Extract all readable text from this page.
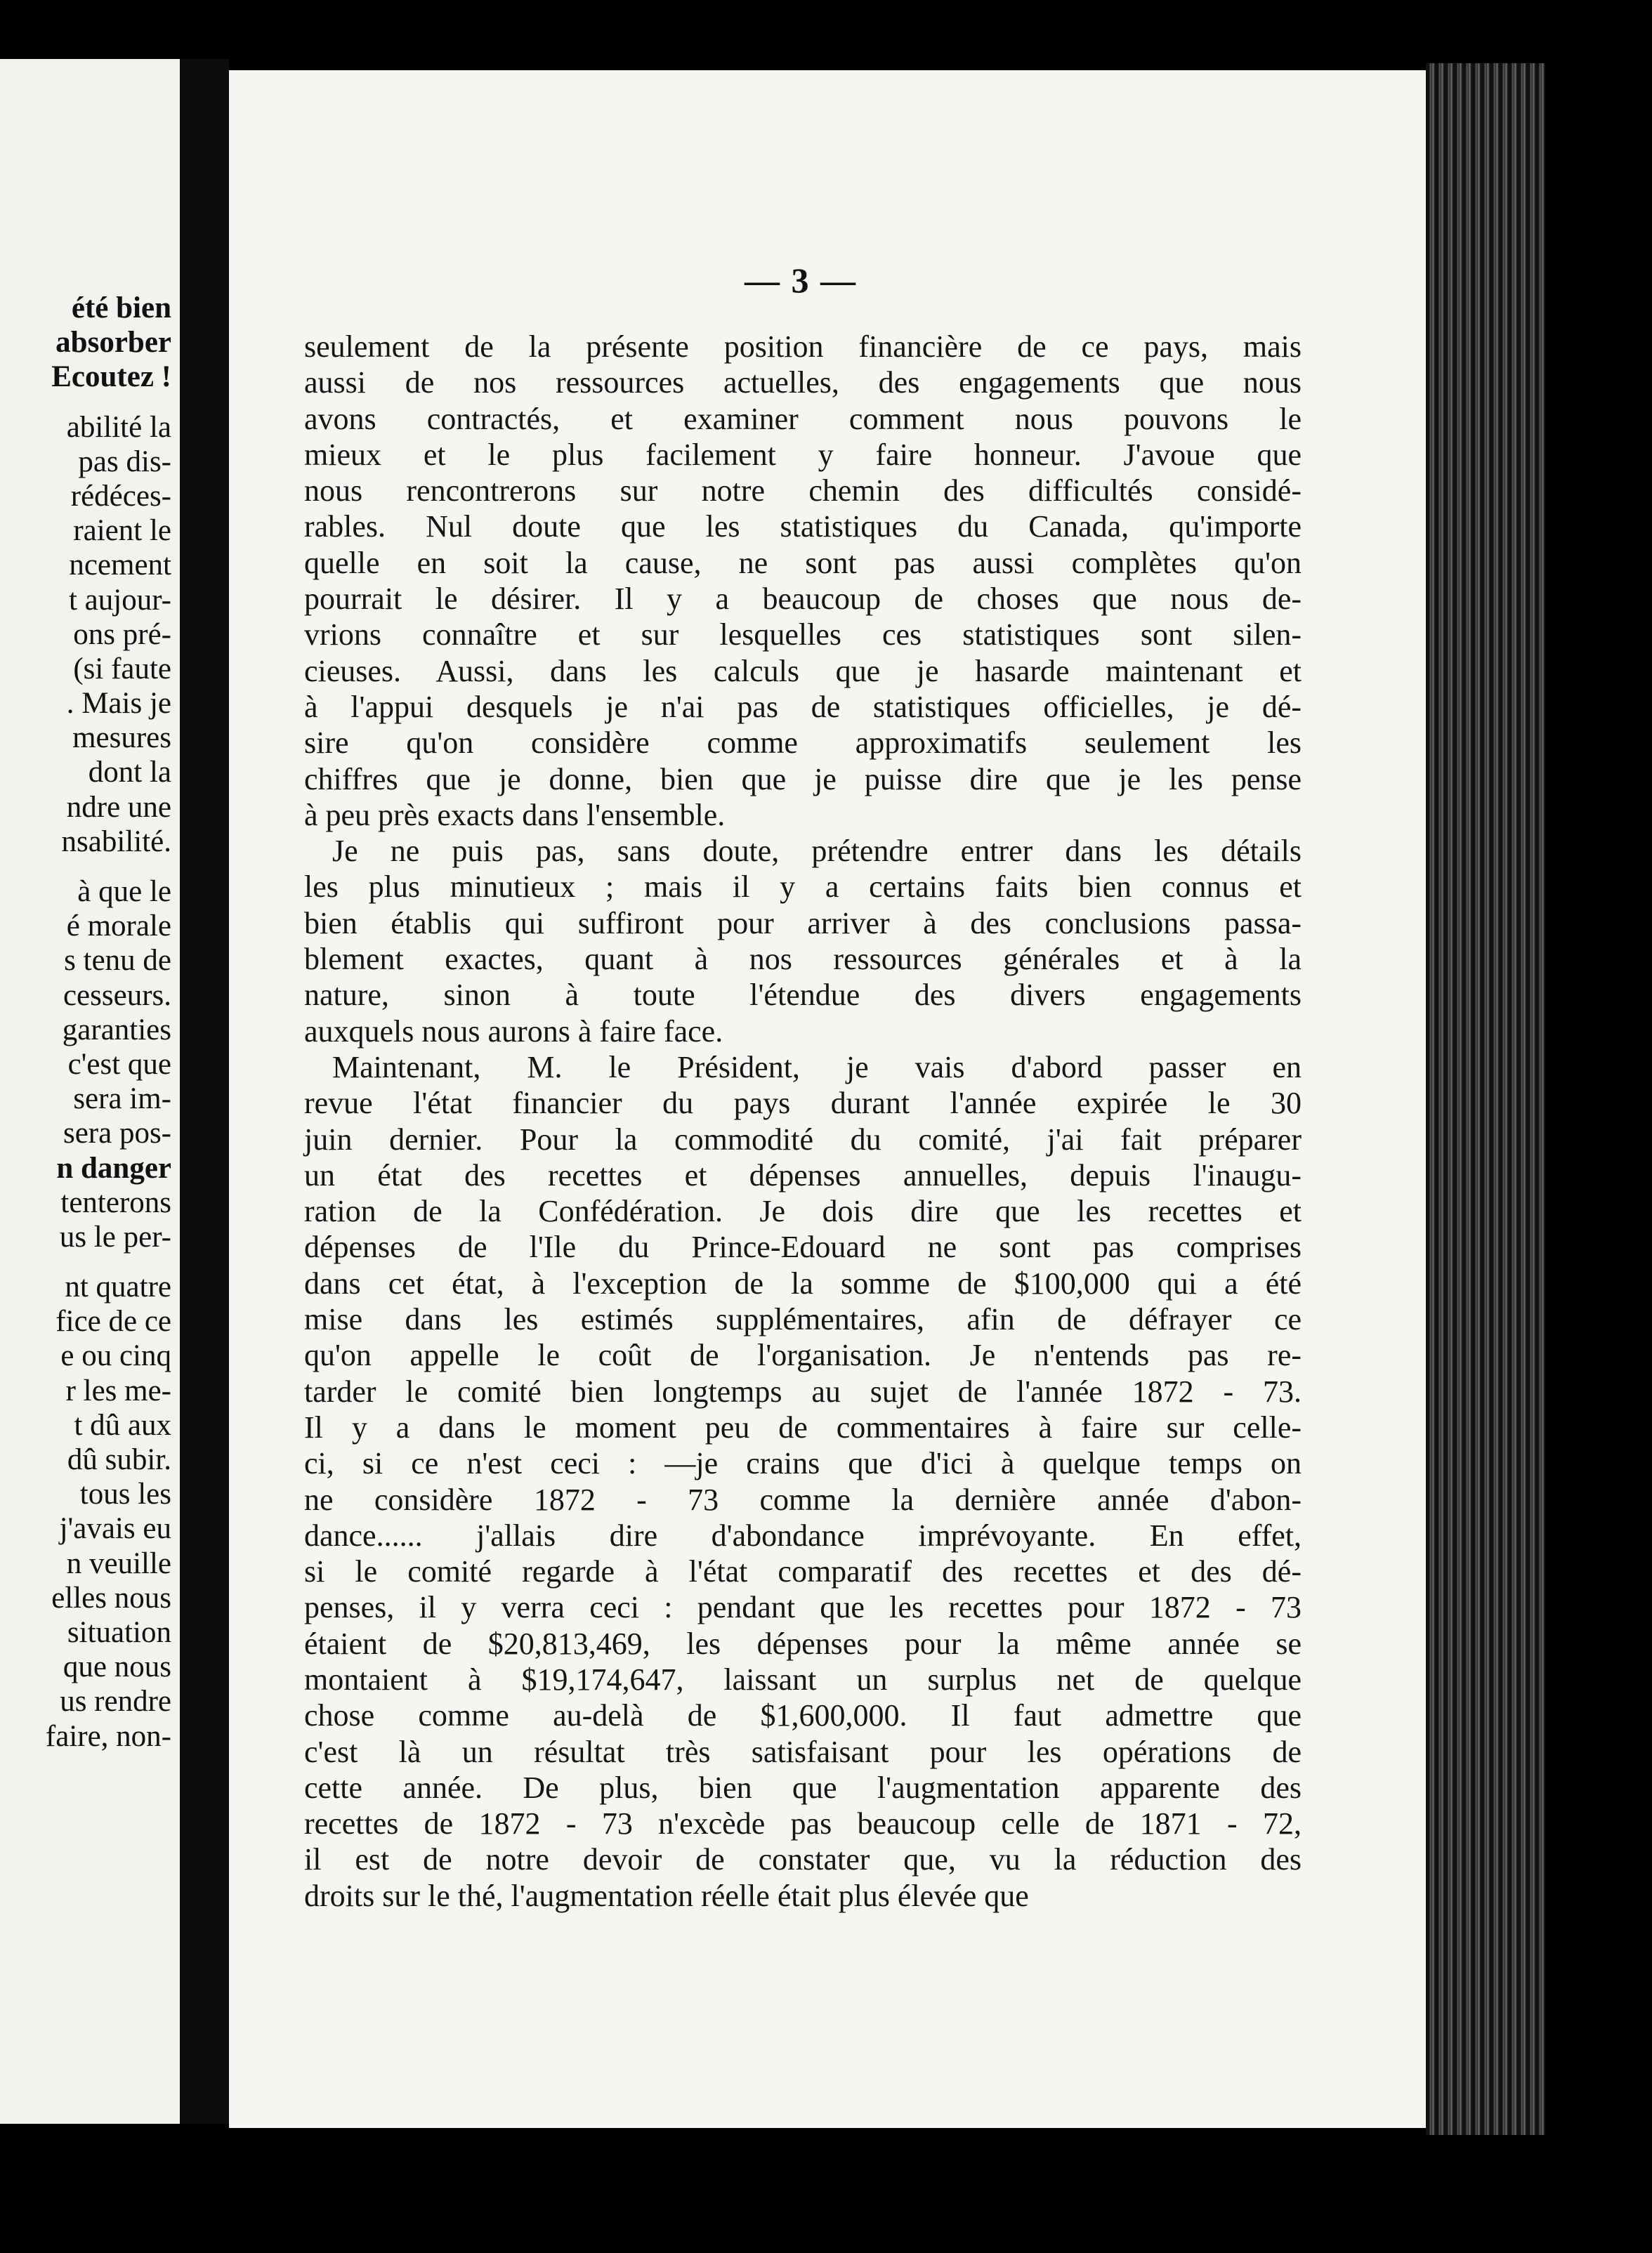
été bien
absorber
Ecoutez !
abilité la
pas dis-
rédéces-
raient le
ncement
t aujour-
ons pré-
(si faute
. Mais je
mesures
dont la
ndre une
nsabilité.
à que le
é morale
s tenu de
cesseurs.
garanties
c'est que
sera im-
sera pos-
n danger
tenterons
us le per-
nt quatre
fice de ce
e ou cinq
r les me-
t dû aux
dû subir.
tous les
j'avais eu
n veuille
elles nous
situation
que nous
us rendre
faire, non-
— 3 —
seulement de la présente position financière de ce pays, mais
aussi de nos ressources actuelles, des engagements que nous
avons contractés, et examiner comment nous pouvons le
mieux et le plus facilement y faire honneur. J'avoue que
nous rencontrerons sur notre chemin des difficultés considé-
rables. Nul doute que les statistiques du Canada, qu'importe
quelle en soit la cause, ne sont pas aussi complètes qu'on
pourrait le désirer. Il y a beaucoup de choses que nous de-
vrions connaître et sur lesquelles ces statistiques sont silen-
cieuses. Aussi, dans les calculs que je hasarde maintenant et
à l'appui desquels je n'ai pas de statistiques officielles, je dé-
sire qu'on considère comme approximatifs seulement les
chiffres que je donne, bien que je puisse dire que je les pense
à peu près exacts dans l'ensemble.
Je ne puis pas, sans doute, prétendre entrer dans les détails
les plus minutieux ; mais il y a certains faits bien connus et
bien établis qui suffiront pour arriver à des conclusions passa-
blement exactes, quant à nos ressources générales et à la
nature, sinon à toute l'étendue des divers engagements
auxquels nous aurons à faire face.
Maintenant, M. le Président, je vais d'abord passer en
revue l'état financier du pays durant l'année expirée le 30
juin dernier. Pour la commodité du comité, j'ai fait préparer
un état des recettes et dépenses annuelles, depuis l'inaugu-
ration de la Confédération. Je dois dire que les recettes et
dépenses de l'Ile du Prince-Edouard ne sont pas comprises
dans cet état, à l'exception de la somme de $100,000 qui a été
mise dans les estimés supplémentaires, afin de défrayer ce
qu'on appelle le coût de l'organisation. Je n'entends pas re-
tarder le comité bien longtemps au sujet de l'année 1872 - 73.
Il y a dans le moment peu de commentaires à faire sur celle-
ci, si ce n'est ceci : —je crains que d'ici à quelque temps on
ne considère 1872 - 73 comme la dernière année d'abon-
dance...... j'allais dire d'abondance imprévoyante. En effet,
si le comité regarde à l'état comparatif des recettes et des dé-
penses, il y verra ceci : pendant que les recettes pour 1872 - 73
étaient de $20,813,469, les dépenses pour la même année se
montaient à $19,174,647, laissant un surplus net de quelque
chose comme au-delà de $1,600,000. Il faut admettre que
c'est là un résultat très satisfaisant pour les opérations de
cette année. De plus, bien que l'augmentation apparente des
recettes de 1872 - 73 n'excède pas beaucoup celle de 1871 - 72,
il est de notre devoir de constater que, vu la réduction des
droits sur le thé, l'augmentation réelle était plus élevée que
